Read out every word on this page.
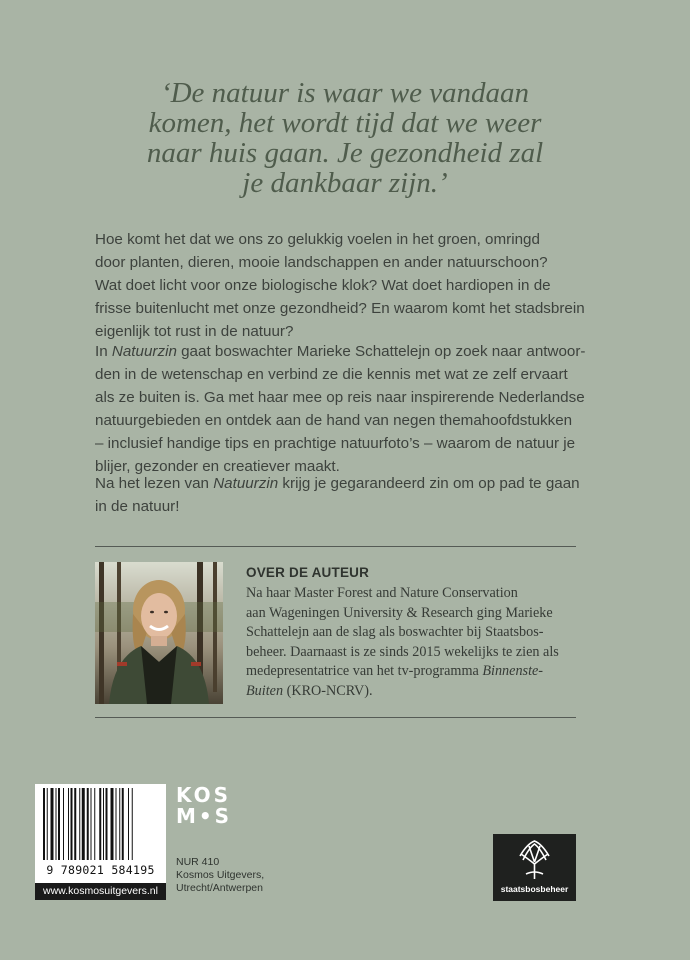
‘De natuur is waar we vandaan
komen, het wordt tijd dat we weer
naar huis gaan. Je gezondheid zal
je dankbaar zijn.’
Hoe komt het dat we ons zo gelukkig voelen in het groen, omringd
door planten, dieren, mooie landschappen en ander natuurschoon?
Wat doet licht voor onze biologische klok? Wat doet hardiopen in de
frisse buitenlucht met onze gezondheid? En waarom komt het stadsbrein
eigenlijk tot rust in de natuur?
In Natuurzin gaat boswachter Marieke Schattelejn op zoek naar antwoor-
den in de wetenschap en verbind ze die kennis met wat ze zelf ervaart
als ze buiten is. Ga met haar mee op reis naar inspirerende Nederlandse
natuurgebieden en ontdek aan de hand van negen themahoofdstukken
– inclusief handige tips en prachtige natuurfoto’s – waarom de natuur je
blijer, gezonder en creatiever maakt.
Na het lezen van Natuurzin krijg je gegarandeerd zin om op pad te gaan
in de natuur!
OVER DE AUTEUR
Na haar Master Forest and Nature Conservation
aan Wageningen University & Research ging Marieke
Schattelejn aan de slag als boswachter bij Staatsbos-
beheer. Daarnaast is ze sinds 2015 wekelijks te zien als
medepresentatrice van het tv-programma Binnenste-
Buiten (KRO-NCRV).
9 789021 584195
www.kosmosuitgevers.nl
KOS
M•S
NUR 410
Kosmos Uitgevers,
Utrecht/Antwerpen	staatsbosbeheer
